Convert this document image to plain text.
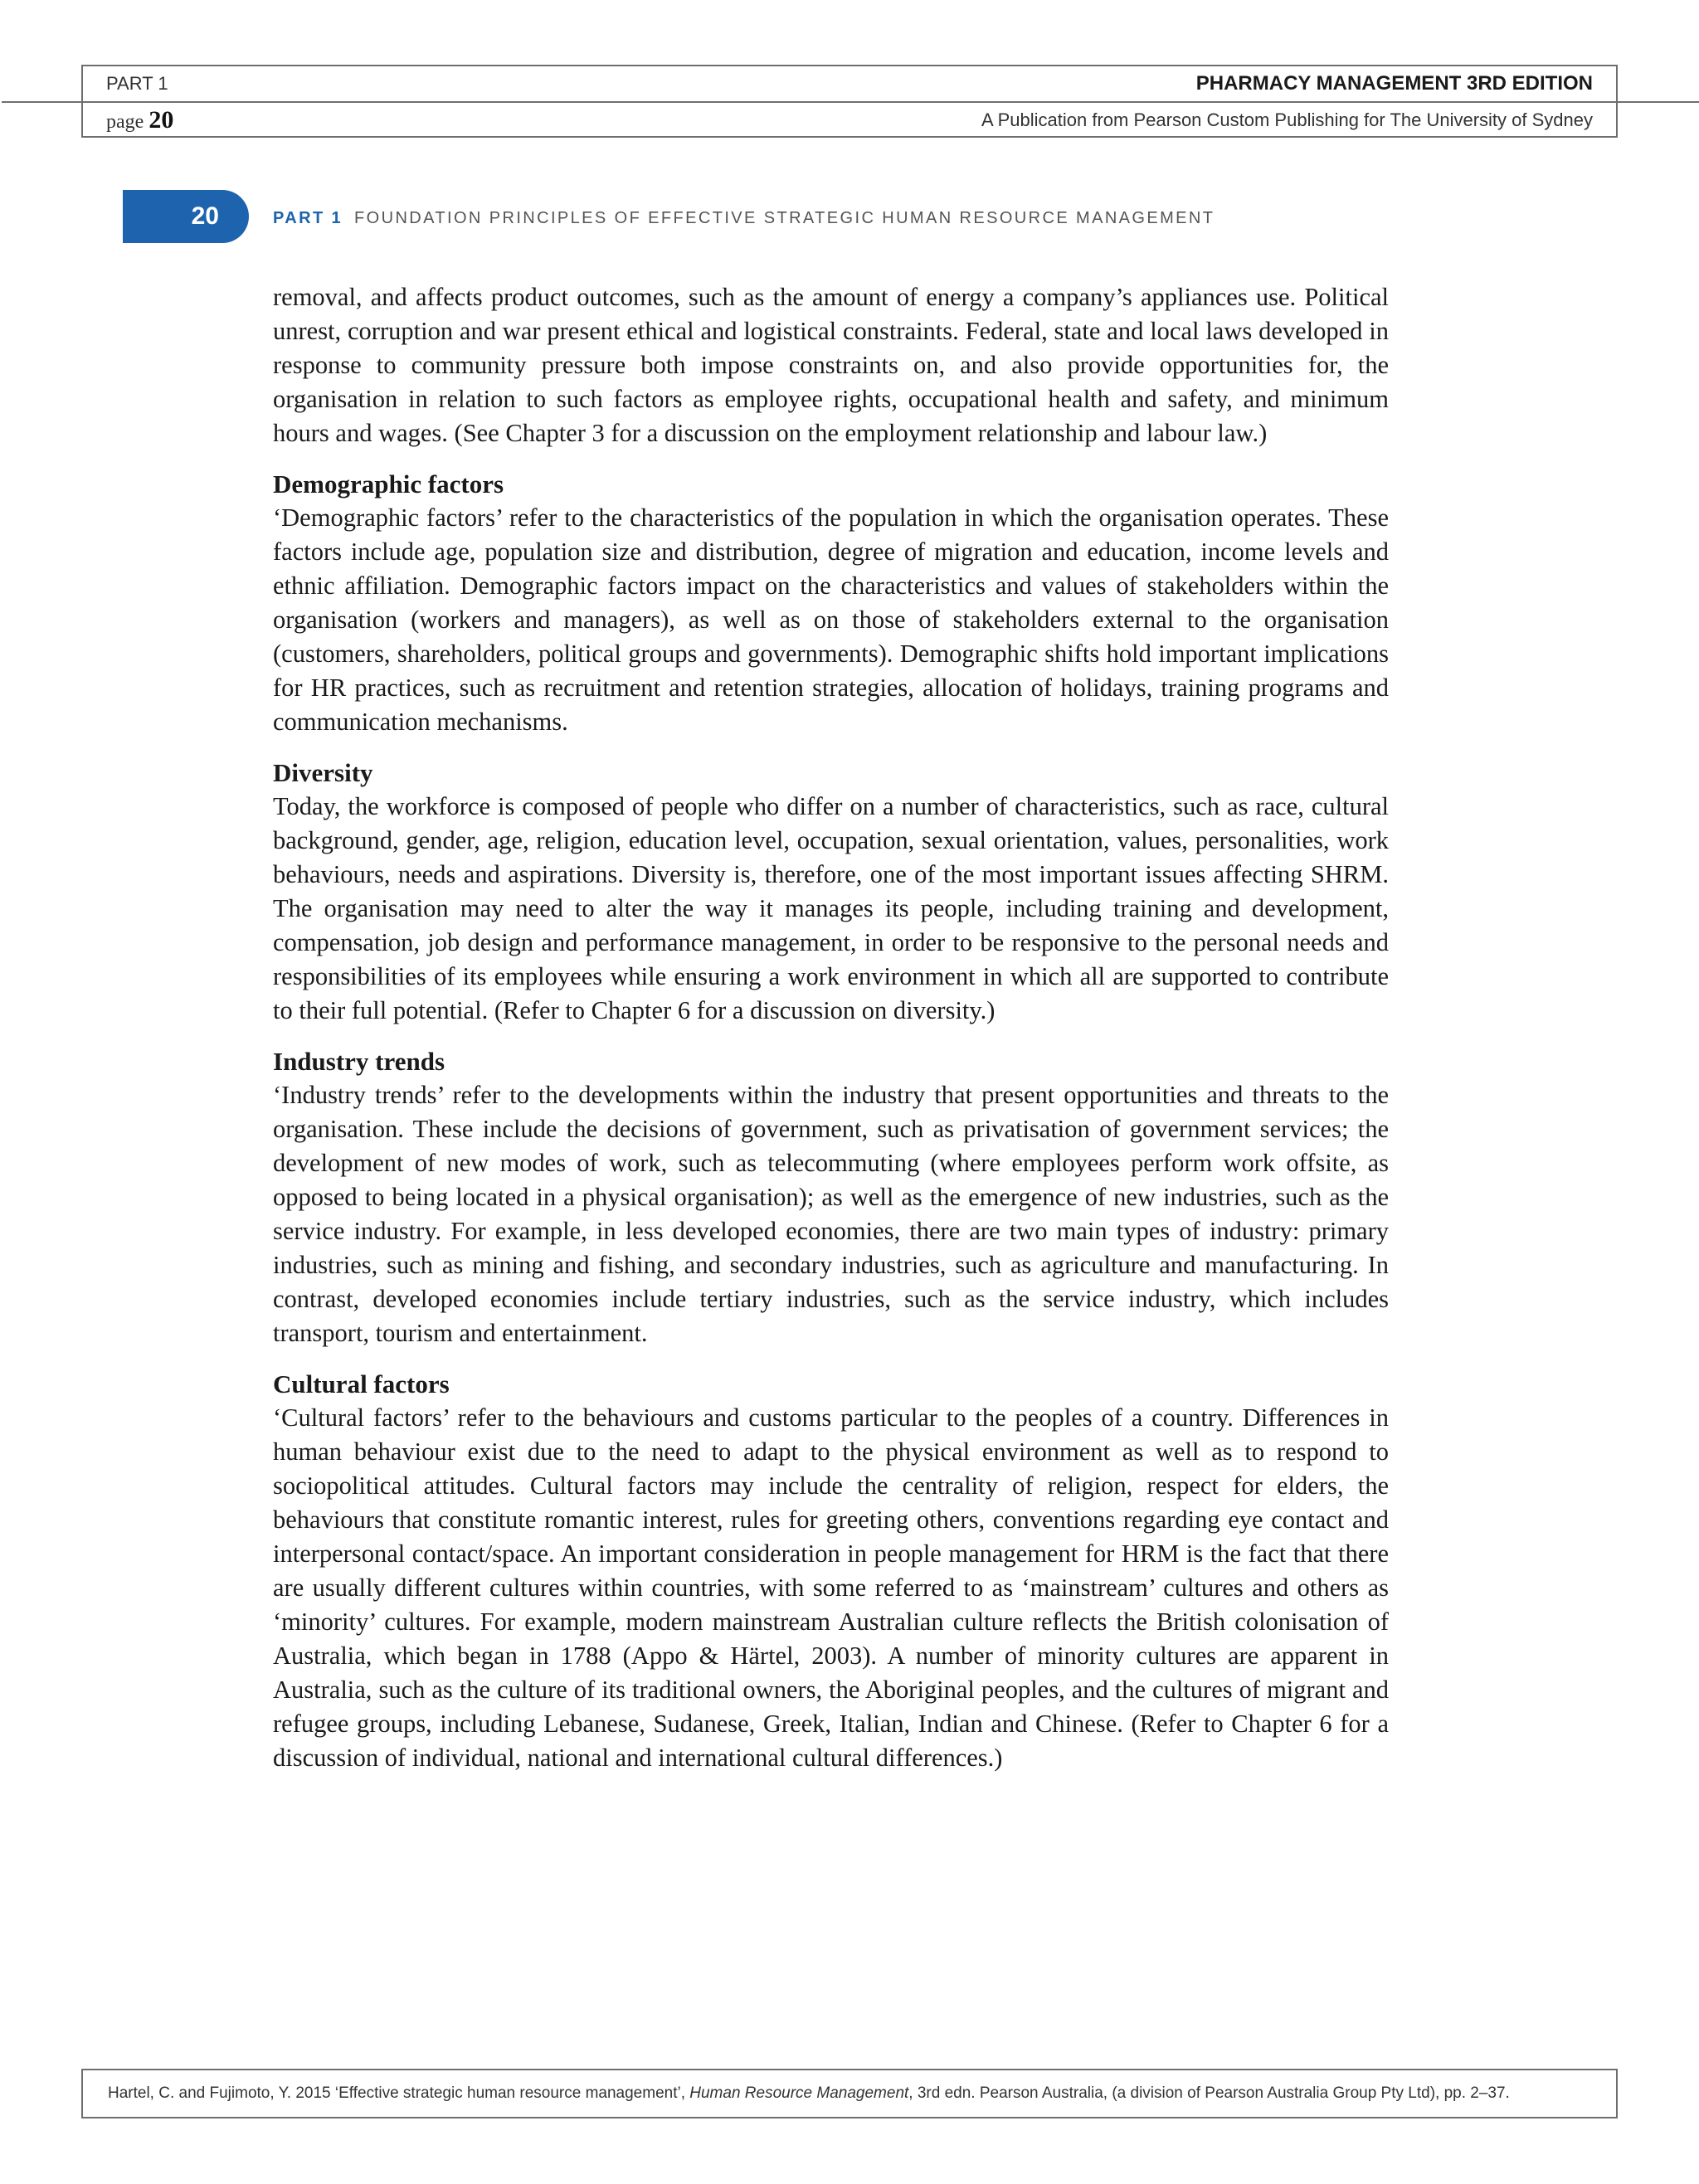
PART 1	PHARMACY MANAGEMENT 3RD EDITION
page 20	A Publication from Pearson Custom Publishing for The University of Sydney
20	PART 1 FOUNDATION PRINCIPLES OF EFFECTIVE STRATEGIC HUMAN RESOURCE MANAGEMENT

removal, and affects product outcomes, such as the amount of energy a company’s appliances use. Political unrest, corruption and war present ethical and logistical constraints. Federal, state and local laws developed in response to community pressure both impose constraints on, and also provide opportunities for, the organisation in relation to such factors as employee rights, occupational health and safety, and minimum hours and wages. (See Chapter 3 for a discussion on the employment relationship and labour law.)

Demographic factors

‘Demographic factors’ refer to the characteristics of the population in which the organisation operates. These factors include age, population size and distribution, degree of migration and education, income levels and ethnic affiliation. Demographic factors impact on the characteristics and values of stakeholders within the organisation (workers and managers), as well as on those of stakeholders external to the organisation (customers, shareholders, political groups and governments). Demographic shifts hold important implications for HR practices, such as recruitment and retention strategies, allocation of holidays, training programs and communication mechanisms.

Diversity

Today, the workforce is composed of people who differ on a number of characteristics, such as race, cultural background, gender, age, religion, education level, occupation, sexual orientation, values, personalities, work behaviours, needs and aspirations. Diversity is, therefore, one of the most important issues affecting SHRM. The organisation may need to alter the way it manages its people, including training and development, compensation, job design and performance management, in order to be responsive to the personal needs and responsibilities of its employees while ensuring a work environment in which all are supported to contribute to their full potential. (Refer to Chapter 6 for a discussion on diversity.)

Industry trends

‘Industry trends’ refer to the developments within the industry that present opportunities and threats to the organisation. These include the decisions of government, such as privatisation of government services; the development of new modes of work, such as telecommuting (where employees perform work offsite, as opposed to being located in a physical organisation); as well as the emergence of new industries, such as the service industry. For example, in less developed economies, there are two main types of industry: primary industries, such as mining and fishing, and secondary industries, such as agriculture and manufacturing. In contrast, developed economies include tertiary industries, such as the service industry, which includes transport, tourism and entertainment.

Cultural factors

‘Cultural factors’ refer to the behaviours and customs particular to the peoples of a country. Differences in human behaviour exist due to the need to adapt to the physical environment as well as to respond to sociopolitical attitudes. Cultural factors may include the centrality of religion, respect for elders, the behaviours that constitute romantic interest, rules for greeting others, conventions regarding eye contact and interpersonal contact/space. An important consideration in people management for HRM is the fact that there are usually different cultures within countries, with some referred to as ‘mainstream’ cultures and others as ‘minority’ cultures. For example, modern mainstream Australian culture reflects the British colonisation of Australia, which began in 1788 (Appo & Härtel, 2003). A number of minority cultures are apparent in Australia, such as the culture of its traditional owners, the Aboriginal peoples, and the cultures of migrant and refugee groups, including Lebanese, Sudanese, Greek, Italian, Indian and Chinese. (Refer to Chapter 6 for a discussion of individual, national and international cultural differences.)

Hartel, C. and Fujimoto, Y. 2015 ‘Effective strategic human resource management’, Human Resource Management , 3rd edn. Pearson Australia, (a division of Pearson Australia Group Pty Ltd), pp. 2–37.
